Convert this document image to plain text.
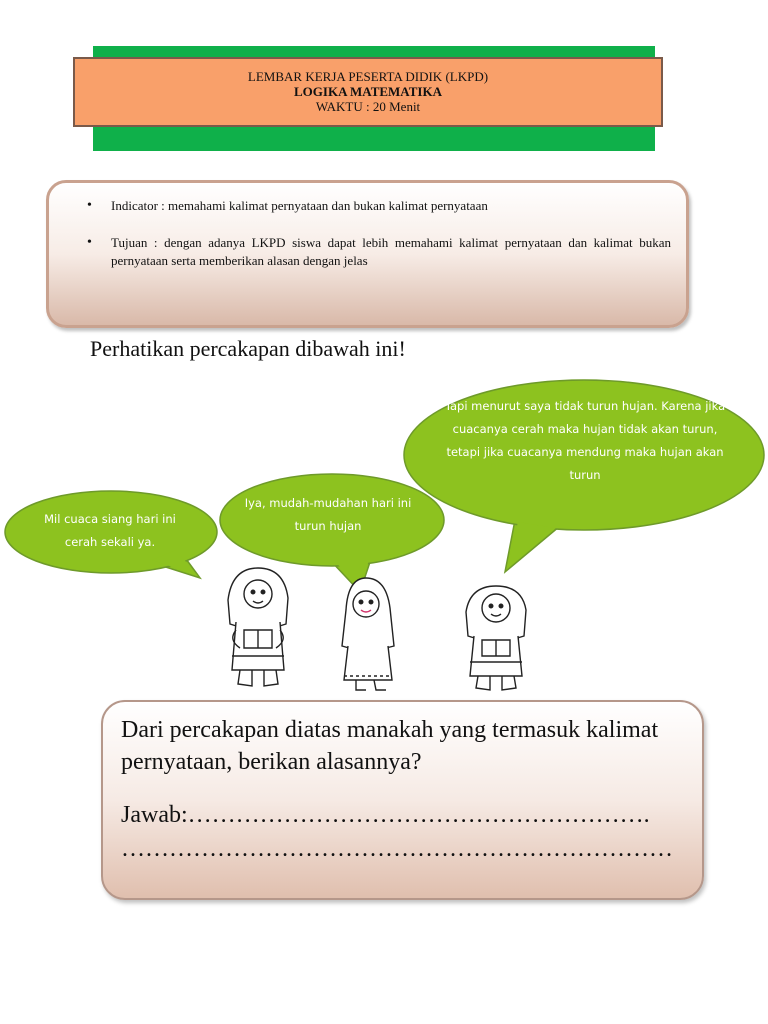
LEMBAR KERJA PESERTA DIDIK (LKPD)
LOGIKA MATEMATIKA
WAKTU : 20 Menit
• Indicator : memahami kalimat pernyataan dan bukan kalimat pernyataan
• Tujuan : dengan adanya LKPD siswa dapat lebih memahami kalimat pernyataan dan kalimat bukan pernyataan serta memberikan alasan dengan jelas
Perhatikan percakapan dibawah ini!
Mil cuaca siang hari ini cerah sekali ya.
Iya, mudah-mudahan hari ini turun hujan
Tapi menurut saya tidak turun hujan. Karena jika cuacanya cerah maka hujan tidak akan turun, tetapi jika cuacanya mendung maka hujan akan turun
Dari percakapan diatas manakah yang termasuk kalimat pernyataan, berikan alasannya?
Jawab:………………………………………………….
……………………………………………………………
